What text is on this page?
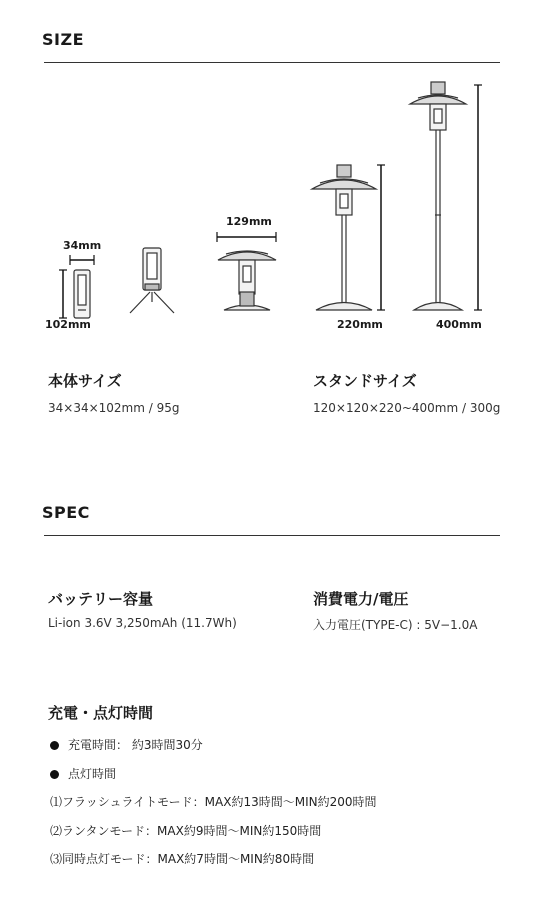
SIZE
34mm
102mm
129mm
220mm	400mm
本体サイズ
34×34×102mm / 95g
スタンドサイズ
120×120×220~400mm / 300g
SPEC
バッテリー容量
Li-ion 3.6V 3,250mAh (11.7Wh)
消費電力/電圧
入力電圧(TYPE-C) : 5V−1.0A
充電・点灯時間
充電時間： 約3時間30分
点灯時間
⑴フラッシュライトモード：MAX約13時間〜MIN約200時間
⑵ランタンモード：MAX約9時間〜MIN約150時間
⑶同時点灯モード：MAX約7時間〜MIN約80時間
